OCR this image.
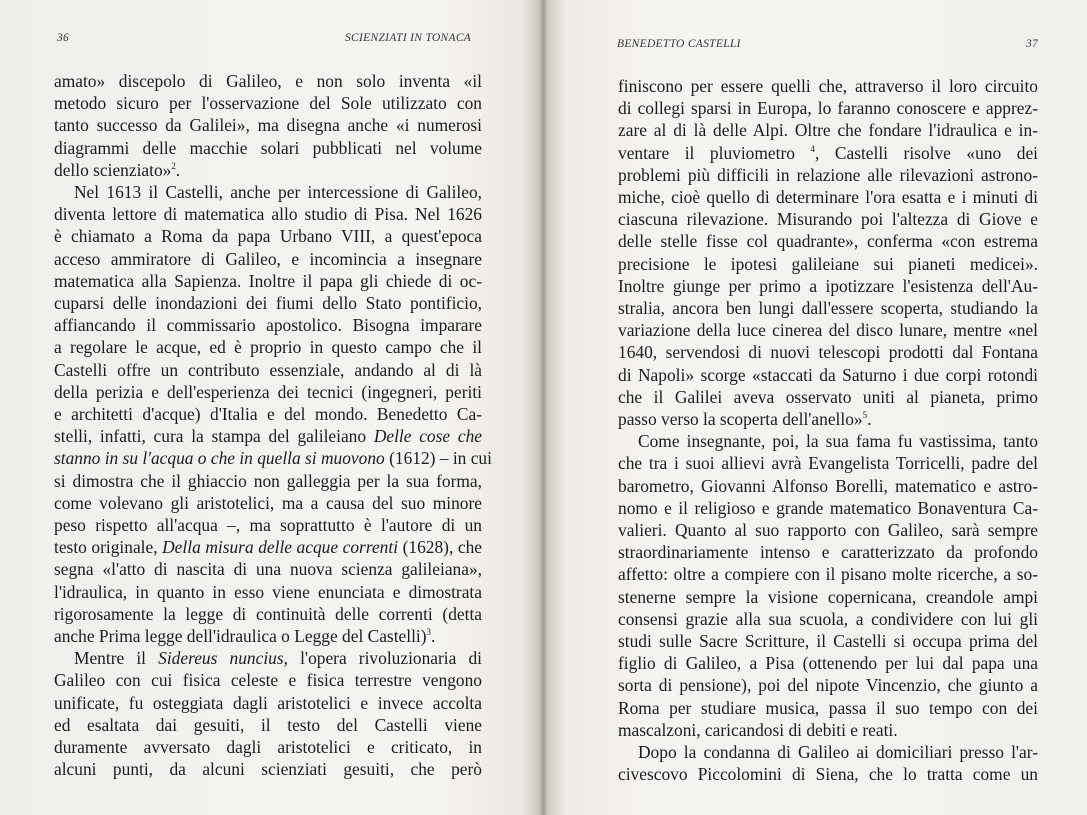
36	SCIENZIATI IN TONACA

amato» discepolo di Galileo, e non solo inventa «il
metodo sicuro per l'osservazione del Sole utilizzato con
tanto successo da Galilei», ma disegna anche «i numerosi
diagrammi delle macchie solari pubblicati nel volume
dello scienziato»$^2$.

Nel 1613 il Castelli, anche per intercessione di Galileo,
diventa lettore di matematica allo studio di Pisa. Nel 1626
è chiamato a Roma da papa Urbano VIII, a quest'epoca
acceso ammiratore di Galileo, e incomincia a insegnare
matematica alla Sapienza. Inoltre il papa gli chiede di oc-
cuparsi delle inondazioni dei fiumi dello Stato pontificio,
affiancando il commissario apostolico. Bisogna imparare
a regolare le acque, ed è proprio in questo campo che il
Castelli offre un contributo essenziale, andando al di là
della perizia e dell'esperienza dei tecnici (ingegneri, periti
e architetti d'acque) d'Italia e del mondo. Benedetto Ca-
stelli, infatti, cura la stampa del galileiano Delle cose che
stanno in su l'acqua o che in quella si muovono (1612) – in cui
si dimostra che il ghiaccio non galleggia per la sua forma,
come volevano gli aristotelici, ma a causa del suo minore
peso rispetto all'acqua –, ma soprattutto è l'autore di un
testo originale, Della misura delle acque correnti (1628), che
segna «l'atto di nascita di una nuova scienza galileiana»,
l'idraulica, in quanto in esso viene enunciata e dimostrata
rigorosamente la legge di continuità delle correnti (detta
anche Prima legge dell'idraulica o Legge del Castelli)$^3$.

Mentre il Sidereus nuncius, l'opera rivoluzionaria di
Galileo con cui fisica celeste e fisica terrestre vengono
unificate, fu osteggiata dagli aristotelici e invece accolta
ed esaltata dai gesuiti, il testo del Castelli viene
duramente avversato dagli aristotelici e criticato, in
alcuni punti, da alcuni scienziati gesuiti, che però

BENEDETTO CASTELLI	37

finiscono per essere quelli che, attraverso il loro circuito
di collegi sparsi in Europa, lo faranno conoscere e apprez-
zare al di là delle Alpi. Oltre che fondare l'idraulica e in-
ventare il pluviometro $^4$, Castelli risolve «uno dei
problemi più difficili in relazione alle rilevazioni astrono-
miche, cioè quello di determinare l'ora esatta e i minuti di
ciascuna rilevazione. Misurando poi l'altezza di Giove e
delle stelle fisse col quadrante», conferma «con estrema
precisione le ipotesi galileiane sui pianeti medicei».
Inoltre giunge per primo a ipotizzare l'esistenza dell'Au-
stralia, ancora ben lungi dall'essere scoperta, studiando la
variazione della luce cinerea del disco lunare, mentre «nel
1640, servendosi di nuovi telescopi prodotti dal Fontana
di Napoli» scorge «staccati da Saturno i due corpi rotondi
che il Galilei aveva osservato uniti al pianeta, primo
passo verso la scoperta dell'anello»$^5$.

Come insegnante, poi, la sua fama fu vastissima, tanto
che tra i suoi allievi avrà Evangelista Torricelli, padre del
barometro, Giovanni Alfonso Borelli, matematico e astro-
nomo e il religioso e grande matematico Bonaventura Ca-
valieri. Quanto al suo rapporto con Galileo, sarà sempre
straordinariamente intenso e caratterizzato da profondo
affetto: oltre a compiere con il pisano molte ricerche, a so-
stenerne sempre la visione copernicana, creandole ampi
consensi grazie alla sua scuola, a condividere con lui gli
studi sulle Sacre Scritture, il Castelli si occupa prima del
figlio di Galileo, a Pisa (ottenendo per lui dal papa una
sorta di pensione), poi del nipote Vincenzio, che giunto a
Roma per studiare musica, passa il suo tempo con dei
mascalzoni, caricandosi di debiti e reati.

Dopo la condanna di Galileo ai domiciliari presso l'ar-
civescovo Piccolomini di Siena, che lo tratta come un
